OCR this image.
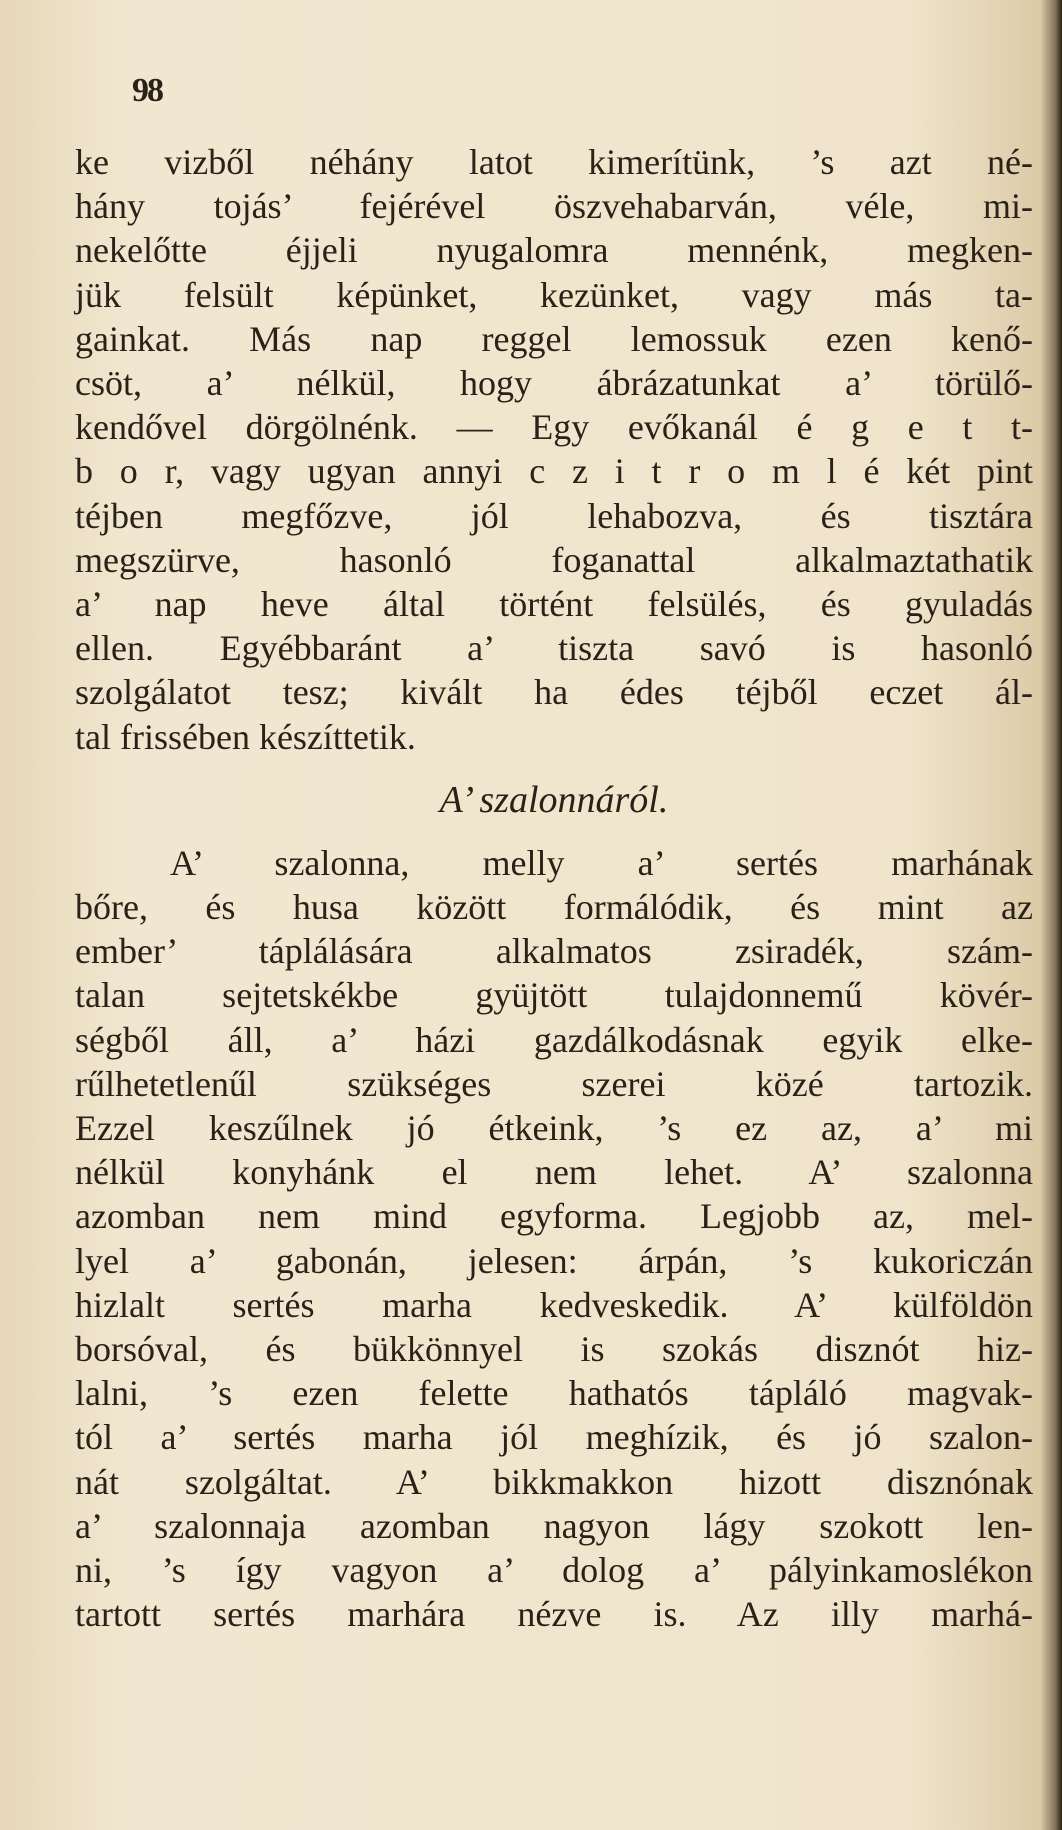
98
ke vizből néhány latot kimerítünk, ’s azt né-
hány tojás’ fejérével öszvehabarván, véle, mi-
nekelőtte éjjeli nyugalomra mennénk, megken-
jük felsült képünket, kezünket, vagy más ta-
gainkat. Más nap reggel lemossuk ezen kenő-
csöt, a’ nélkül, hogy ábrázatunkat a’ törülő-
kendővel dörgölnénk. — Egy evőkanál é g e t t-
b o r, vagy ugyan annyi c z i t r o m l é két pint
téjben megfőzve, jól lehabozva, és tisztára
megszürve, hasonló foganattal alkalmaztathatik
a’ nap heve által történt felsülés, és gyuladás
ellen. Egyébbaránt a’ tiszta savó is hasonló
szolgálatot tesz; kivált ha édes téjből eczet ál-
tal frissében készíttetik.
A’ szalonnáról.
A’ szalonna, melly a’ sertés marhának
bőre, és husa között formálódik, és mint az
ember’ táplálására alkalmatos zsiradék, szám-
talan sejtetskékbe gyüjtött tulajdonnemű kövér-
ségből áll, a’ házi gazdálkodásnak egyik elke-
rűlhetetlenűl szükséges szerei közé tartozik.
Ezzel keszűlnek jó étkeink, ’s ez az, a’ mi
nélkül konyhánk el nem lehet. A’ szalonna
azomban nem mind egyforma. Legjobb az, mel-
lyel a’ gabonán, jelesen: árpán, ’s kukoriczán
hizlalt sertés marha kedveskedik. A’ külföldön
borsóval, és bükkönnyel is szokás disznót hiz-
lalni, ’s ezen felette hathatós tápláló magvak-
tól a’ sertés marha jól meghízik, és jó szalon-
nát szolgáltat. A’ bikkmakkon hizott disznónak
a’ szalonnaja azomban nagyon lágy szokott len-
ni, ’s így vagyon a’ dolog a’ pályinkamoslékon
tartott sertés marhára nézve is. Az illy marhá-
